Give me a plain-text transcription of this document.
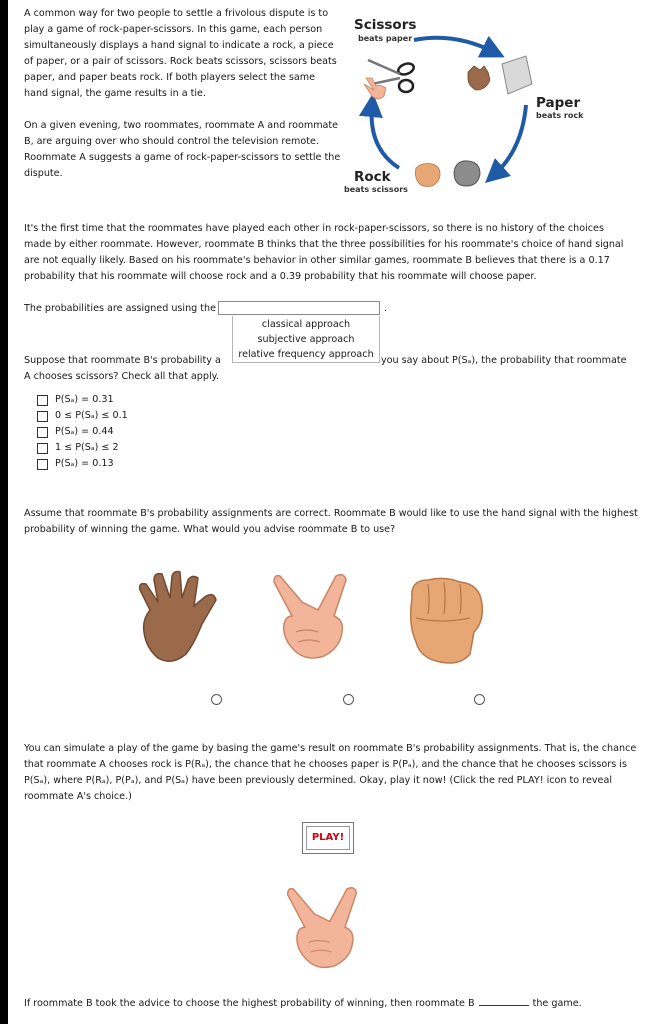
A common way for two people to settle a frivolous dispute is to play a game of rock-paper-scissors. In this game, each person simultaneously displays a hand signal to indicate a rock, a piece of paper, or a pair of scissors. Rock beats scissors, scissors beats paper, and paper beats rock. If both players select the same hand signal, the game results in a tie.

On a given evening, two roommates, roommate A and roommate B, are arguing over who should control the television remote. Roommate A suggests a game of rock-paper-scissors to settle the dispute.

Scissors
beats paper
Paper
beats rock
Rock
beats scissors

It's the first time that the roommates have played each other in rock-paper-scissors, so there is no history of the choices made by either roommate. However, roommate B thinks that the three possibilities for his roommate's choice of hand signal are not equally likely. Based on his roommate's behavior in other similar games, roommate B believes that there is a 0.17 probability that his roommate will choose rock and a 0.39 probability that his roommate will choose paper.

The probabilities are assigned using the	.
Suppose that roommate B's probability a	you say about P(Sₐ), the probability that roommate
A chooses scissors? Check all that apply.
classical approach
subjective approach
relative frequency approach
P(Sₐ) = 0.31
0 ≤ P(Sₐ) ≤ 0.1
P(Sₐ) = 0.44
1 ≤ P(Sₐ) ≤ 2
P(Sₐ) = 0.13

Assume that roommate B's probability assignments are correct. Roommate B would like to use the hand signal with the highest probability of winning the game. What would you advise roommate B to use?

You can simulate a play of the game by basing the game's result on roommate B's probability assignments. That is, the chance that roommate A chooses rock is P(Rₐ), the chance that he chooses paper is P(Pₐ), and the chance that he chooses scissors is P(Sₐ), where P(Rₐ), P(Pₐ), and P(Sₐ) have been previously determined. Okay, play it now! (Click the red PLAY! icon to reveal roommate A's choice.)

PLAY!
If roommate B took the advice to choose the highest probability of winning, then roommate B	the game.
